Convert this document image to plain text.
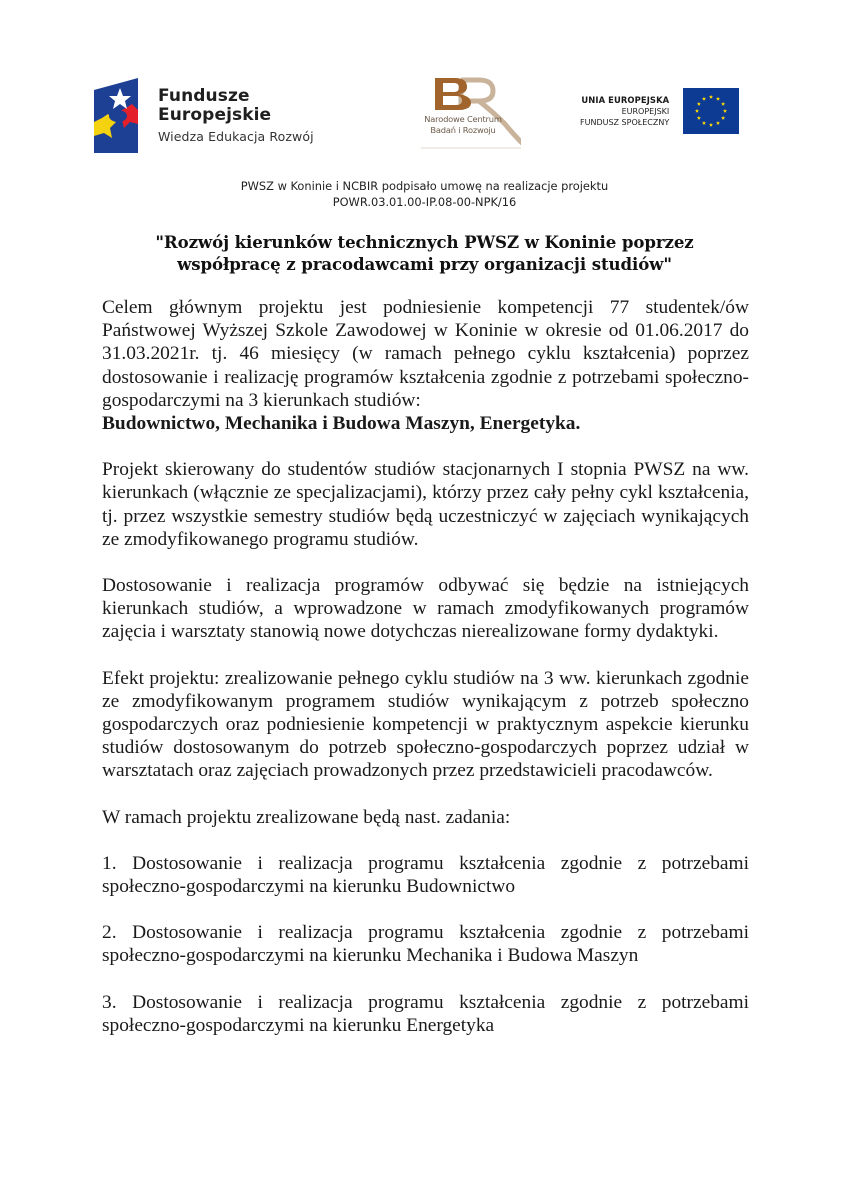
Fundusze
Europejskie
Wiedza Edukacja Rozwój
Narodowe Centrum
Badań i Rozwoju
UNIA EUROPEJSKA
EUROPEJSKI
FUNDUSZ SPOŁECZNY
PWSZ w Koninie i NCBIR podpisało umowę na realizacje projektu
POWR.03.01.00-IP.08-00-NPK/16
"Rozwój kierunków technicznych PWSZ w Koninie poprzez
współpracę z pracodawcami przy organizacji studiów"

Celem głównym projektu jest podniesienie kompetencji 77 studentek/ów Państwowej Wyższej Szkole Zawodowej w Koninie w okresie od 01.06.2017 do 31.03.2021r. tj. 46 miesięcy (w ramach pełnego cyklu kształcenia) poprzez dostosowanie i realizację programów kształcenia zgodnie z potrzebami społeczno-gospodarczymi na 3 kierunkach studiów:
Budownictwo, Mechanika i Budowa Maszyn, Energetyka.

Projekt skierowany do studentów studiów stacjonarnych I stopnia PWSZ na ww. kierunkach (włącznie ze specjalizacjami), którzy przez cały pełny cykl kształcenia, tj. przez wszystkie semestry studiów będą uczestniczyć w zajęciach wynikających ze zmodyfikowanego programu studiów.

Dostosowanie i realizacja programów odbywać się będzie na istniejących kierunkach studiów, a wprowadzone w ramach zmodyfikowanych programów zajęcia i warsztaty stanowią nowe dotychczas nierealizowane formy dydaktyki.

Efekt projektu: zrealizowanie pełnego cyklu studiów na 3 ww. kierunkach zgodnie ze zmodyfikowanym programem studiów wynikającym z potrzeb społeczno gospodarczych oraz podniesienie kompetencji w praktycznym aspekcie kierunku studiów dostosowanym do potrzeb społeczno-gospodarczych poprzez udział w warsztatach oraz zajęciach prowadzonych przez przedstawicieli pracodawców.

W ramach projektu zrealizowane będą nast. zadania:

1. Dostosowanie i realizacja programu kształcenia zgodnie z potrzebami społeczno-gospodarczymi na kierunku Budownictwo

2. Dostosowanie i realizacja programu kształcenia zgodnie z potrzebami społeczno-gospodarczymi na kierunku Mechanika i Budowa Maszyn

3. Dostosowanie i realizacja programu kształcenia zgodnie z potrzebami społeczno-gospodarczymi na kierunku Energetyka
